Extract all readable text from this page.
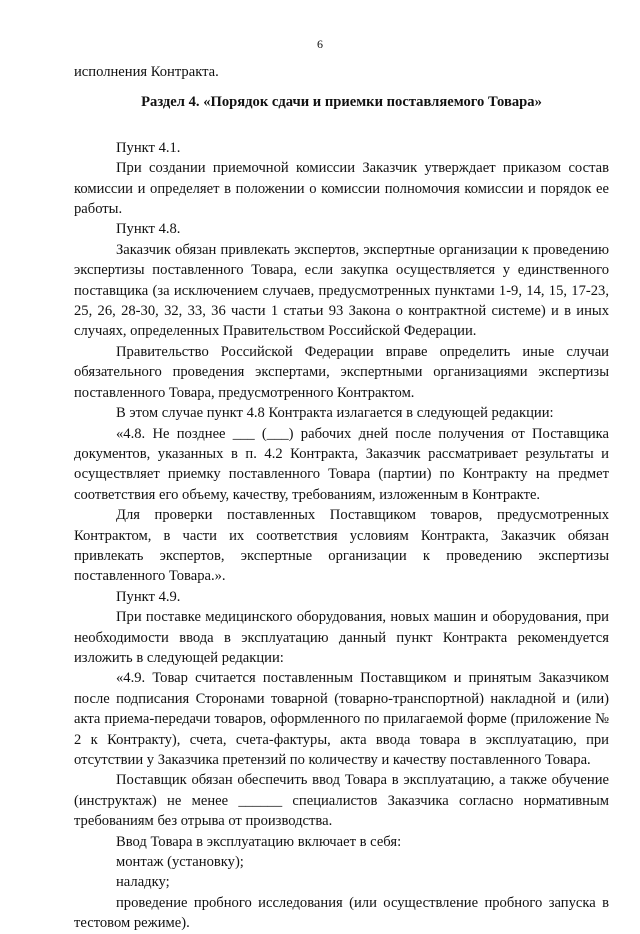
6

исполнения Контракта.

Раздел 4. «Порядок сдачи и приемки поставляемого Товара»

Пункт 4.1.

При создании приемочной комиссии Заказчик утверждает приказом состав комиссии и определяет в положении о комиссии полномочия комиссии и порядок ее работы.

Пункт 4.8.

Заказчик обязан привлекать экспертов, экспертные организации к проведению экспертизы поставленного Товара, если закупка осуществляется у единственного поставщика (за исключением случаев, предусмотренных пунктами 1-9, 14, 15, 17-23, 25, 26, 28-30, 32, 33, 36 части 1 статьи 93 Закона о контрактной системе) и в иных случаях, определенных Правительством Российской Федерации.

Правительство Российской Федерации вправе определить иные случаи обязательного проведения экспертами, экспертными организациями экспертизы поставленного Товара, предусмотренного Контрактом.

В этом случае пункт 4.8 Контракта излагается в следующей редакции:

«4.8. Не позднее ___ (___) рабочих дней после получения от Поставщика документов, указанных в п. 4.2 Контракта, Заказчик рассматривает результаты и осуществляет приемку поставленного Товара (партии) по Контракту на предмет соответствия его объему, качеству, требованиям, изложенным в Контракте.

Для проверки поставленных Поставщиком товаров, предусмотренных Контрактом, в части их соответствия условиям Контракта, Заказчик обязан привлекать экспертов, экспертные организации к проведению экспертизы поставленного Товара.».

Пункт 4.9.

При поставке медицинского оборудования, новых машин и оборудования, при необходимости ввода в эксплуатацию данный пункт Контракта рекомендуется изложить в следующей редакции:

«4.9. Товар считается поставленным Поставщиком и принятым Заказчиком после подписания Сторонами товарной (товарно-транспортной) накладной и (или) акта приема-передачи товаров, оформленного по прилагаемой форме (приложение № 2 к Контракту), счета, счета-фактуры, акта ввода товара в эксплуатацию, при отсутствии у Заказчика претензий по количеству и качеству поставленного Товара.

Поставщик обязан обеспечить ввод Товара в эксплуатацию, а также обучение (инструктаж) не менее ______ специалистов Заказчика согласно нормативным требованиям без отрыва от производства.

Ввод Товара в эксплуатацию включает в себя:

монтаж (установку);

наладку;

проведение пробного исследования (или осуществление пробного запуска в тестовом режиме).
